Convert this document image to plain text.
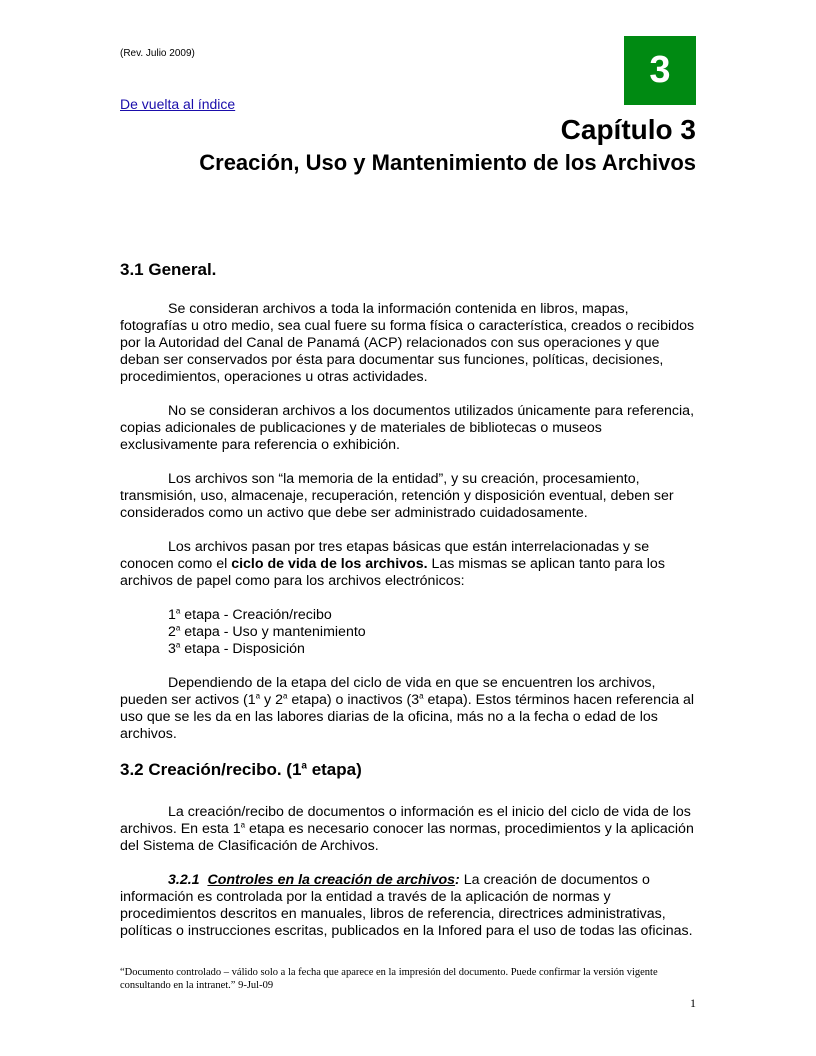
(Rev. Julio 2009)	3
De vuelta al índice
Capítulo 3
Creación, Uso y Mantenimiento de los Archivos
3.1 General.

Se consideran archivos a toda la información contenida en libros, mapas, fotografías u otro medio, sea cual fuere su forma física o característica, creados o recibidos por la Autoridad del Canal de Panamá (ACP) relacionados con sus operaciones y que deban ser conservados por ésta para documentar sus funciones, políticas, decisiones, procedimientos, operaciones u otras actividades.

No se consideran archivos a los documentos utilizados únicamente para referencia, copias adicionales de publicaciones y de materiales de bibliotecas o museos exclusivamente para referencia o exhibición.

Los archivos son “la memoria de la entidad”, y su creación, procesamiento, transmisión, uso, almacenaje, recuperación, retención y disposición eventual, deben ser considerados como un activo que debe ser administrado cuidadosamente.

Los archivos pasan por tres etapas básicas que están interrelacionadas y se conocen como el ciclo de vida de los archivos. Las mismas se aplican tanto para los archivos de papel como para los archivos electrónicos:

1$^a$ etapa - Creación/recibo
2$^a$ etapa - Uso y mantenimiento
3$^a$ etapa - Disposición

Dependiendo de la etapa del ciclo de vida en que se encuentren los archivos, pueden ser activos (1$^a$ y 2$^a$ etapa) o inactivos (3$^a$ etapa). Estos términos hacen referencia al uso que se les da en las labores diarias de la oficina, más no a la fecha o edad de los archivos.

3.2 Creación/recibo. (1$^a$ etapa)

La creación/recibo de documentos o información es el inicio del ciclo de vida de los archivos. En esta 1$^a$ etapa es necesario conocer las normas, procedimientos y la aplicación del Sistema de Clasificación de Archivos.

3.2.1 Controles en la creación de archivos: La creación de documentos o información es controlada por la entidad a través de la aplicación de normas y procedimientos descritos en manuales, libros de referencia, directrices administrativas, políticas o instrucciones escritas, publicados en la Infored para el uso de todas las oficinas.

“Documento controlado – válido solo a la fecha que aparece en la impresión del documento. Puede confirmar la versión vigente consultando en la intranet.” 9-Jul-09
1
